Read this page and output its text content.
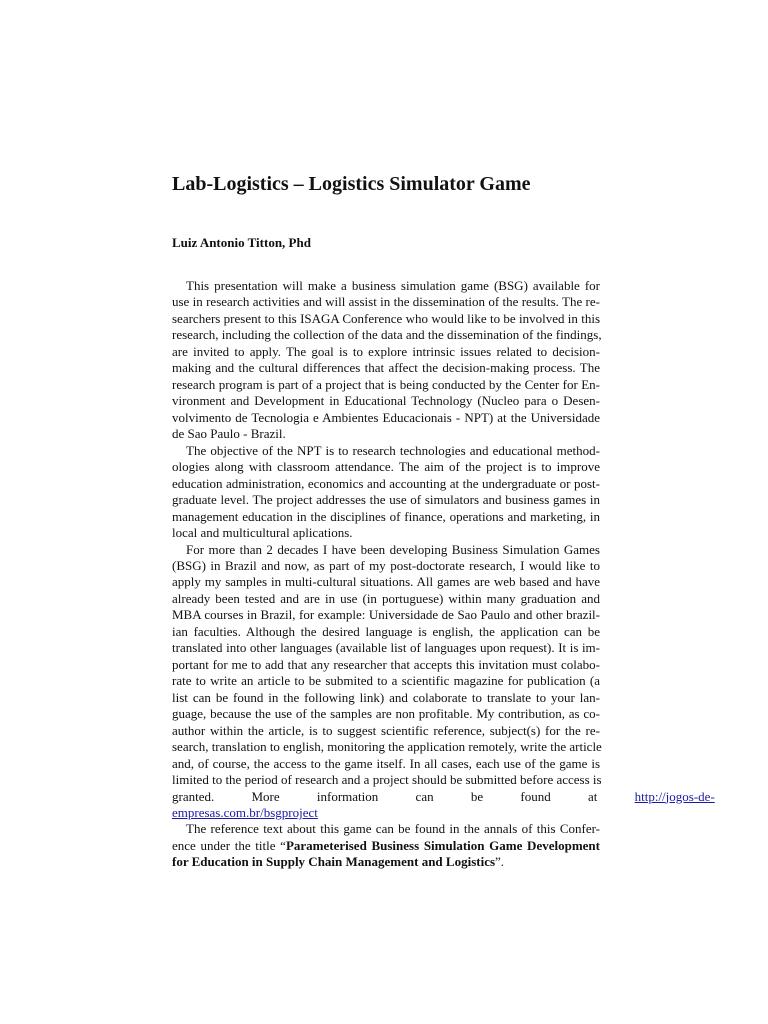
Lab-Logistics – Logistics Simulator Game
Luiz Antonio Titton, Phd
This presentation will make a business simulation game (BSG) available for
use in research activities and will assist in the dissemination of the results. The re-
searchers present to this ISAGA Conference who would like to be involved in this
research, including the collection of the data and the dissemination of the findings,
are invited to apply. The goal is to explore intrinsic issues related to decision-
making and the cultural differences that affect the decision-making process. The
research program is part of a project that is being conducted by the Center for En-
vironment and Development in Educational Technology (Nucleo para o Desen-
volvimento de Tecnologia e Ambientes Educacionais - NPT) at the Universidade
de Sao Paulo - Brazil.
The objective of the NPT is to research technologies and educational method-
ologies along with classroom attendance. The aim of the project is to improve
education administration, economics and accounting at the undergraduate or post-
graduate level. The project addresses the use of simulators and business games in
management education in the disciplines of finance, operations and marketing, in
local and multicultural aplications.
For more than 2 decades I have been developing Business Simulation Games
(BSG) in Brazil and now, as part of my post-doctorate research, I would like to
apply my samples in multi-cultural situations. All games are web based and have
already been tested and are in use (in portuguese) within many graduation and
MBA courses in Brazil, for example: Universidade de Sao Paulo and other brazil-
ian faculties. Although the desired language is english, the application can be
translated into other languages (available list of languages upon request). It is im-
portant for me to add that any researcher that accepts this invitation must colabo-
rate to write an article to be submited to a scientific magazine for publication (a
list can be found in the following link) and colaborate to translate to your lan-
guage, because the use of the samples are non profitable. My contribution, as co-
author within the article, is to suggest scientific reference, subject(s) for the re-
search, translation to english, monitoring the application remotely, write the article
and, of course, the access to the game itself. In all cases, each use of the game is
limited to the period of research and a project should be submitted before access is
granted.	More	information	can	be	found	at	http://jogos-de-
empresas.com.br/bsgproject
The reference text about this game can be found in the annals of this Confer-
ence under the title “Parameterised Business Simulation Game Development
for Education in Supply Chain Management and Logistics”.
